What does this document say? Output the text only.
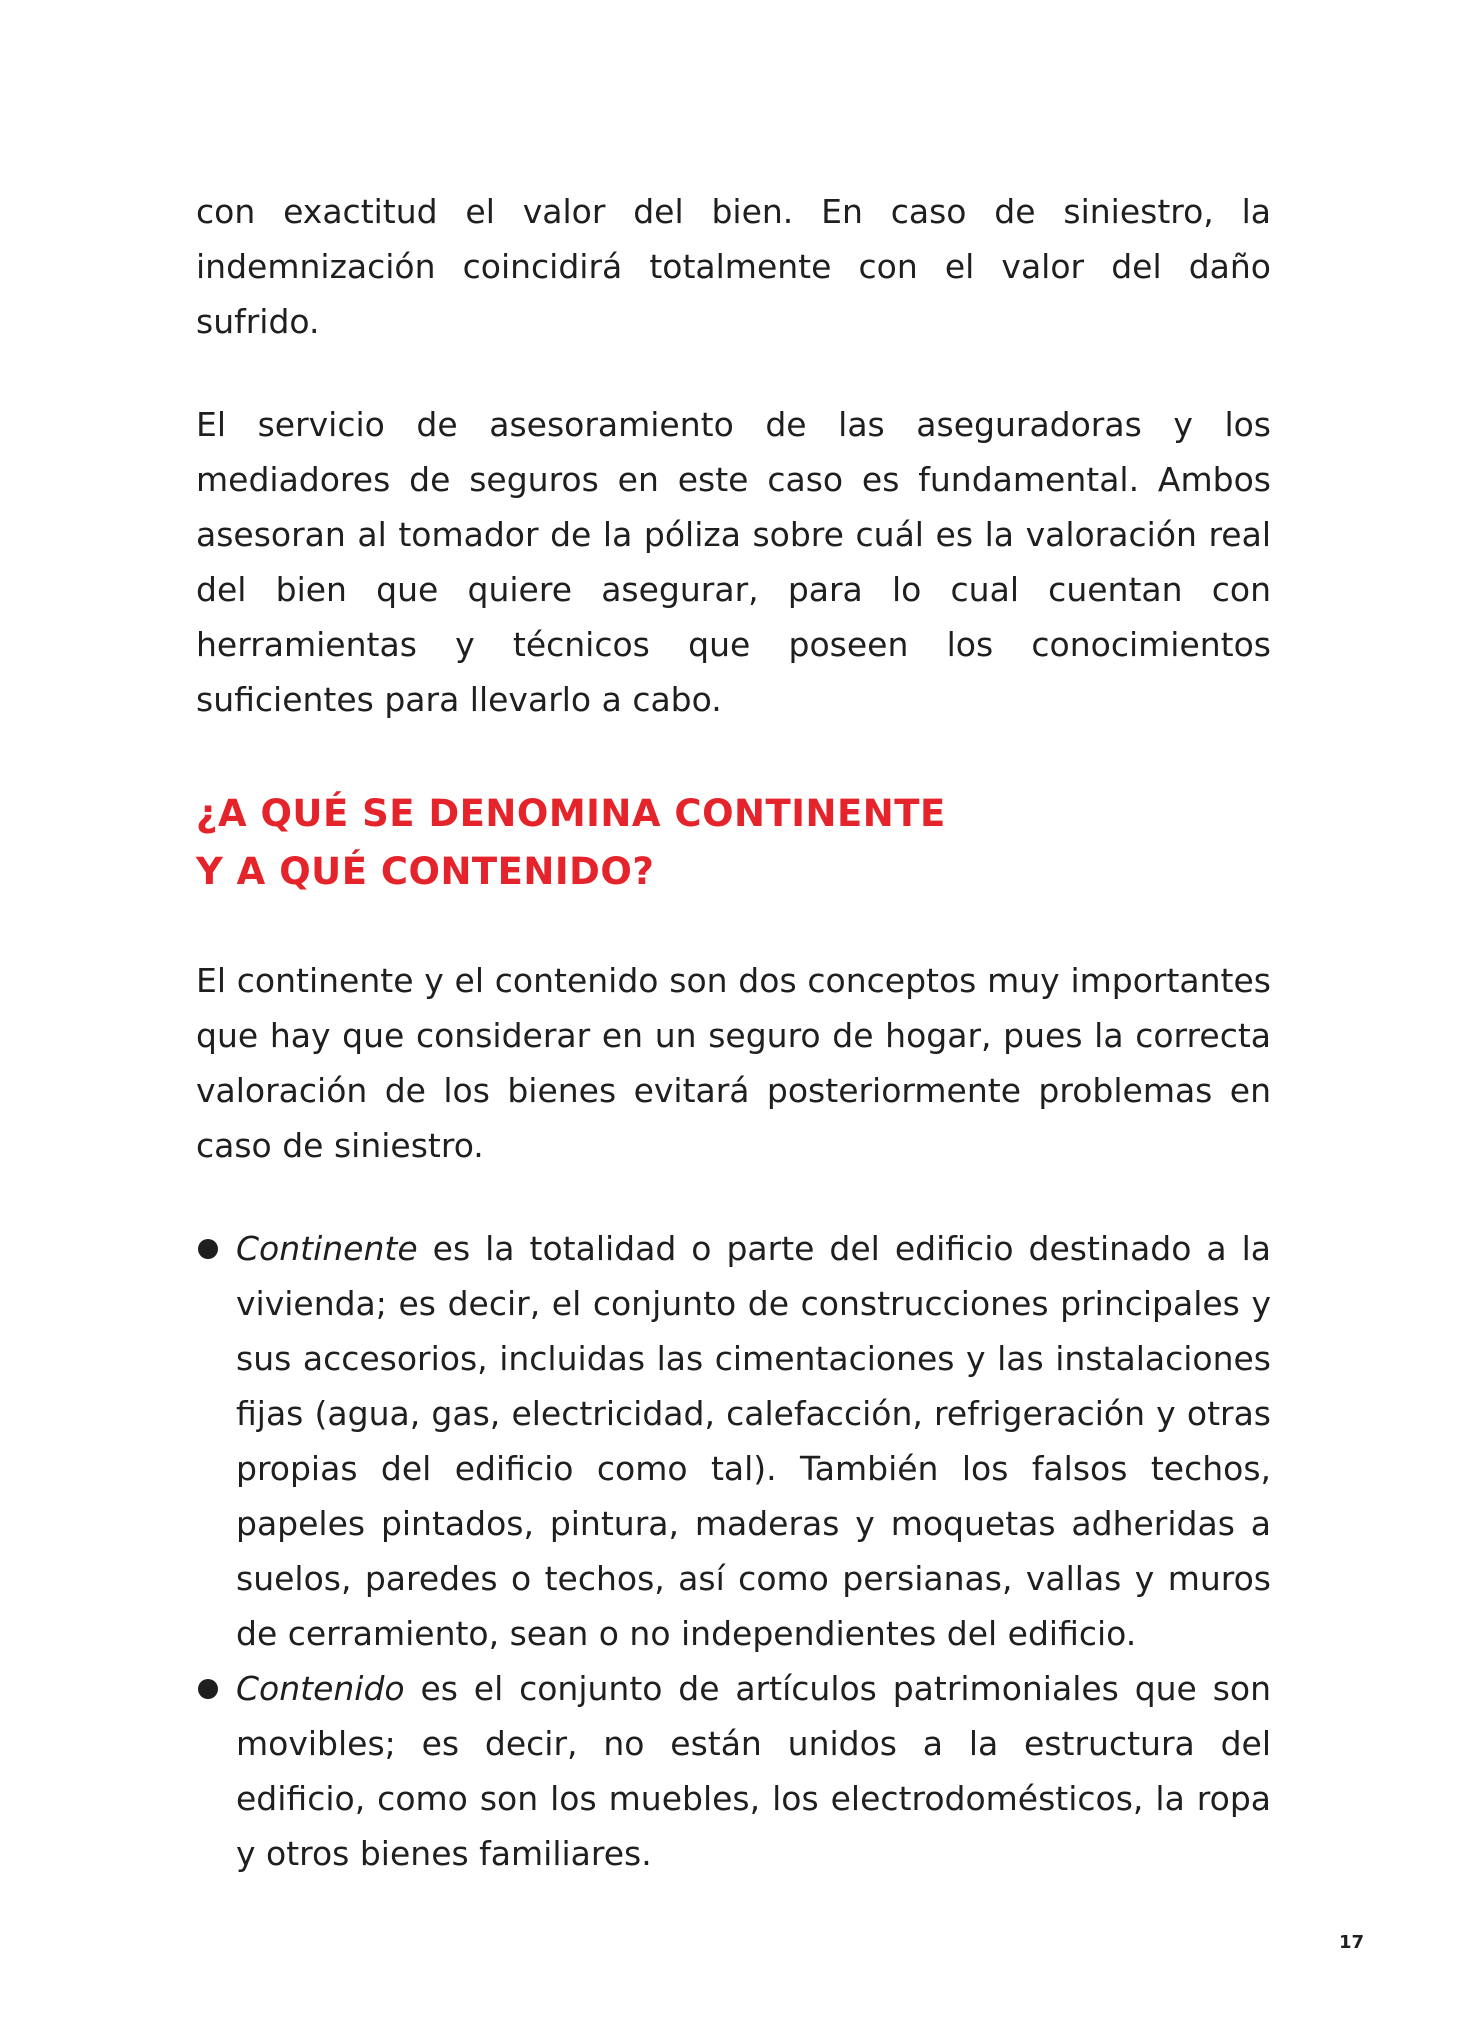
con exactitud el valor del bien. En caso de siniestro, la indemnización coincidirá totalmente con el valor del daño sufrido.

El servicio de asesoramiento de las aseguradoras y los mediadores de seguros en este caso es fundamental. Ambos asesoran al tomador de la póliza sobre cuál es la valoración real del bien que quiere asegurar, para lo cual cuentan con herramientas y técnicos que poseen los conocimientos suficientes para llevarlo a cabo.

¿A QUÉ SE DENOMINA CONTINENTE
Y A QUÉ CONTENIDO?

El continente y el contenido son dos conceptos muy importantes que hay que considerar en un seguro de hogar, pues la correcta valoración de los bienes evitará posteriormente problemas en caso de siniestro.

Continente es la totalidad o parte del edificio destinado a la vivienda; es decir, el conjunto de construcciones principales y sus accesorios, incluidas las cimentaciones y las instalaciones fijas (agua, gas, electricidad, calefacción, refrigeración y otras propias del edificio como tal). También los falsos techos, papeles pintados, pintura, maderas y moquetas adheridas a suelos, paredes o techos, así como persianas, vallas y muros de cerramiento, sean o no independientes del edificio.
Contenido es el conjunto de artículos patrimoniales que son movibles; es decir, no están unidos a la estructura del edificio, como son los muebles, los electrodomésticos, la ropa y otros bienes familiares.
17
